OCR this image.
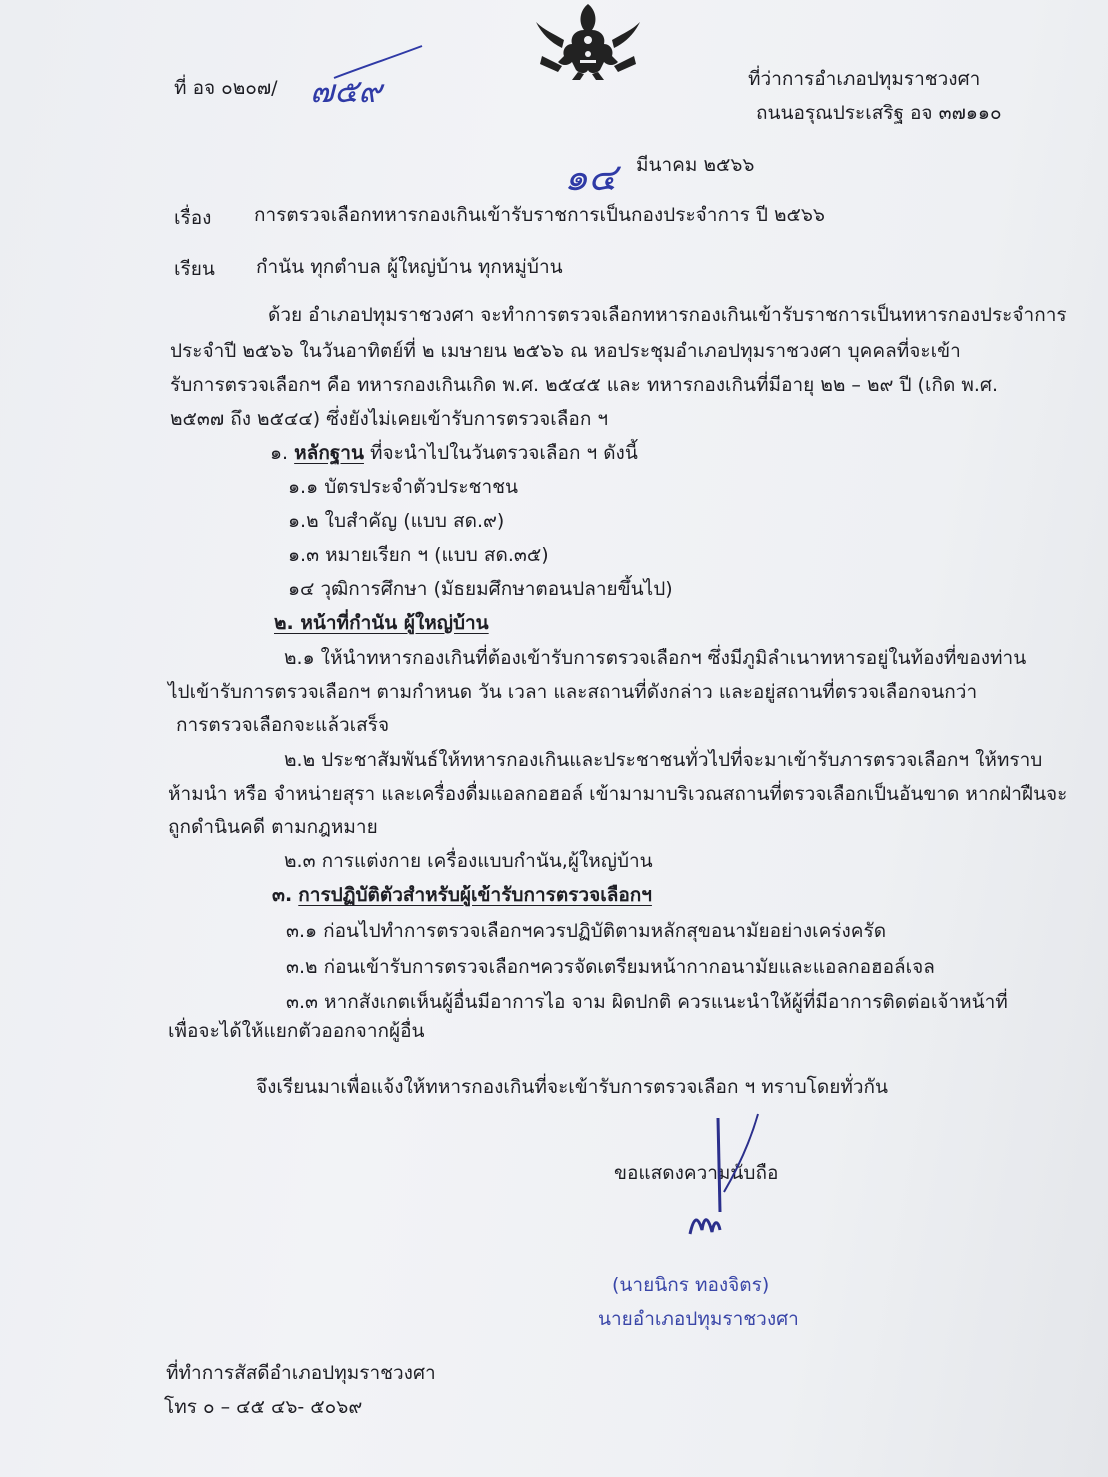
ที่ อจ ๐๒๐๗/ ๗๕๙	ที่ว่าการอำเภอปทุมราชวงศา
ถนนอรุณประเสริฐ อจ ๓๗๑๑๐
๑๔ มีนาคม ๒๕๖๖
เรื่อง การตรวจเลือกทหารกองเกินเข้ารับราชการเป็นกองประจำการ ปี ๒๕๖๖
เรียน กำนัน ทุกตำบล ผู้ใหญ่บ้าน ทุกหมู่บ้าน
ด้วย อำเภอปทุมราชวงศา จะทำการตรวจเลือกทหารกองเกินเข้ารับราชการเป็นทหารกองประจำการ
ประจำปี ๒๕๖๖ ในวันอาทิตย์ที่ ๒ เมษายน ๒๕๖๖ ณ หอประชุมอำเภอปทุมราชวงศา บุคคลที่จะเข้า
รับการตรวจเลือกฯ คือ ทหารกองเกินเกิด พ.ศ. ๒๕๔๕ และ ทหารกองเกินที่มีอายุ ๒๒ – ๒๙ ปี (เกิด พ.ศ.
๒๕๓๗ ถึง ๒๕๔๔) ซึ่งยังไม่เคยเข้ารับการตรวจเลือก ฯ
๑. หลักฐาน ที่จะนำไปในวันตรวจเลือก ฯ ดังนี้
๑.๑ บัตรประจำตัวประชาชน
๑.๒ ใบสำคัญ (แบบ สด.๙)
๑.๓ หมายเรียก ฯ (แบบ สด.๓๕)
๑๔ วุฒิการศึกษา (มัธยมศึกษาตอนปลายขึ้นไป)
๒. หน้าที่กำนัน ผู้ใหญ่บ้าน
๒.๑ ให้นำทหารกองเกินที่ต้องเข้ารับการตรวจเลือกฯ ซึ่งมีภูมิลำเนาทหารอยู่ในท้องที่ของท่าน
ไปเข้ารับการตรวจเลือกฯ ตามกำหนด วัน เวลา และสถานที่ดังกล่าว และอยู่สถานที่ตรวจเลือกจนกว่า
การตรวจเลือกจะแล้วเสร็จ
๒.๒ ประชาสัมพันธ์ให้ทหารกองเกินและประชาชนทั่วไปที่จะมาเข้ารับภารตรวจเลือกฯ ให้ทราบ
ห้ามนำ หรือ จำหน่ายสุรา และเครื่องดื่มแอลกอฮอล์ เข้ามามาบริเวณสถานที่ตรวจเลือกเป็นอันขาด หากฝ่าฝืนจะ
ถูกดำนินคดี ตามกฎหมาย
๒.๓ การแต่งกาย เครื่องแบบกำนัน,ผู้ใหญ่บ้าน
๓. การปฏิบัติตัวสำหรับผู้เข้ารับการตรวจเลือกฯ
๓.๑ ก่อนไปทำการตรวจเลือกฯควรปฏิบัติตามหลักสุขอนามัยอย่างเคร่งครัด
๓.๒ ก่อนเข้ารับการตรวจเลือกฯควรจัดเตรียมหน้ากากอนามัยและแอลกอฮอล์เจล
๓.๓ หากสังเกตเห็นผู้อื่นมีอาการไอ จาม ผิดปกติ ควรแนะนำให้ผู้ที่มีอาการติดต่อเจ้าหน้าที่
เพื่อจะได้ให้แยกตัวออกจากผู้อื่น
จึงเรียนมาเพื่อแจ้งให้ทหารกองเกินที่จะเข้ารับการตรวจเลือก ฯ ทราบโดยทั่วกัน
ขอแสดงความนับถือ
(นายนิกร ทองจิตร)
นายอำเภอปทุมราชวงศา
ที่ทำการสัสดีอำเภอปทุมราชวงศา
โทร ๐ – ๔๕ ๔๖- ๕๐๖๙
